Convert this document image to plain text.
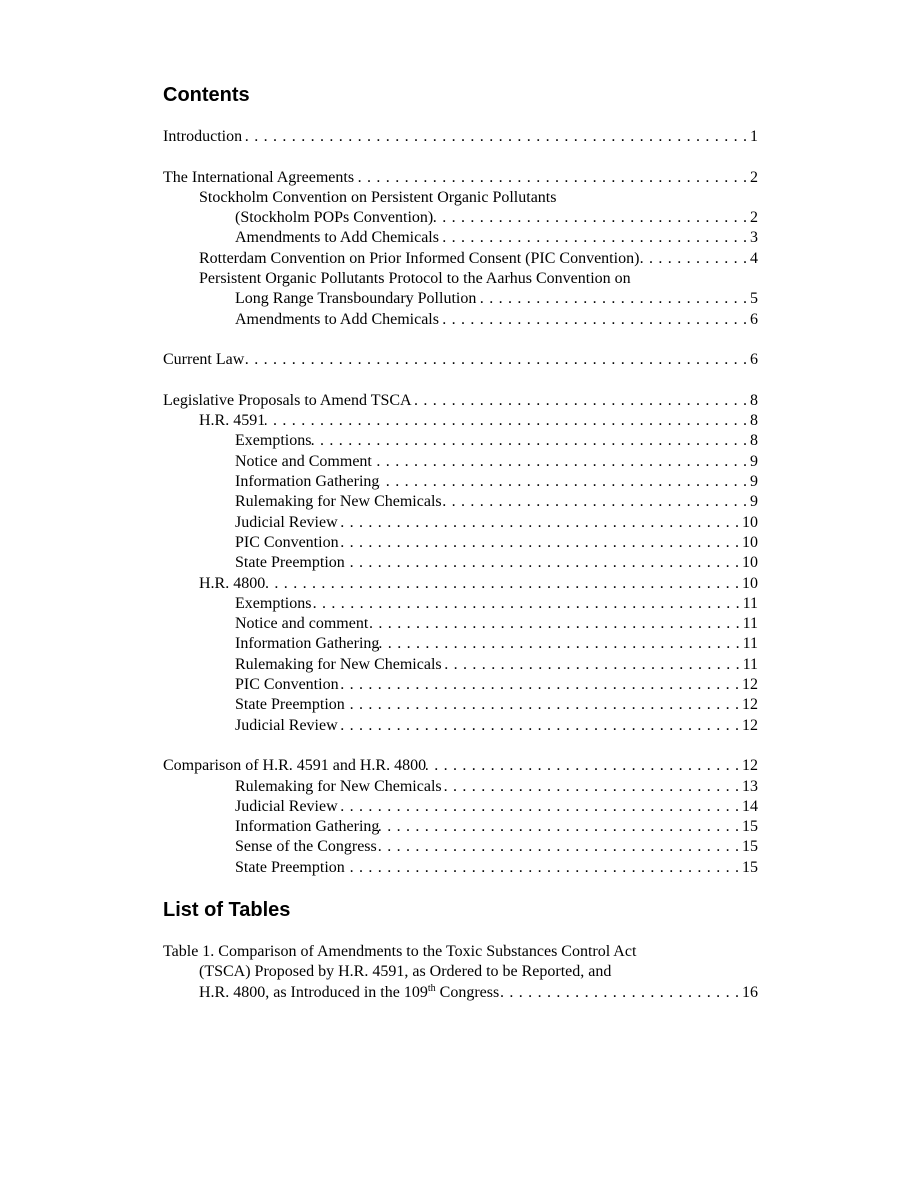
Contents
Introduction . . .	1
The International Agreements . . .	2
Stockholm Convention on Persistent Organic Pollutants
(Stockholm POPs Convention) . . .	2
Amendments to Add Chemicals . . .	3
Rotterdam Convention on Prior Informed Consent (PIC Convention) . . .	4
Persistent Organic Pollutants Protocol to the Aarhus Convention on
Long Range Transboundary Pollution . . .	5
Amendments to Add Chemicals . . .	6
Current Law . . .	6
Legislative Proposals to Amend TSCA . . .	8
H.R. 4591 . . .	8
Exemptions . . .	8
Notice and Comment . . .	9
Information Gathering . . .	9
Rulemaking for New Chemicals . . .	9
Judicial Review . . .	10
PIC Convention . . .	10
State Preemption . . .	10
H.R. 4800 . . .	10
Exemptions . . .	11
Notice and comment . . .	11
Information Gathering . . .	11
Rulemaking for New Chemicals . . .	11
PIC Convention . . .	12
State Preemption . . .	12
Judicial Review . . .	12
Comparison of H.R. 4591 and H.R. 4800 . . .	12
Rulemaking for New Chemicals . . .	13
Judicial Review . . .	14
Information Gathering . . .	15
Sense of the Congress . . .	15
State Preemption . . .	15
List of Tables
Table 1. Comparison of Amendments to the Toxic Substances Control Act
(TSCA) Proposed by H.R. 4591, as Ordered to be Reported, and
H.R. 4800, as Introduced in the 109th Congress . . .	16
